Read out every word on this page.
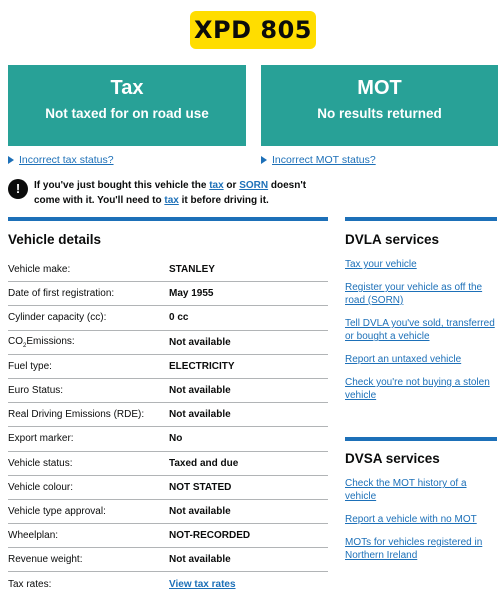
XPD 805
Tax
Not taxed for on road use
MOT
No results returned
Incorrect tax status?	Incorrect MOT status?
!	If you've just bought this vehicle the tax or SORN doesn't come with it. You'll need to tax it before driving it.
Vehicle details
Vehicle make:	STANLEY
Date of first registration:	May 1955
Cylinder capacity (cc):	0 cc
$CO_2Emissions$:	Not available
Fuel type:	ELECTRICITY
Euro Status:	Not available
Real Driving Emissions (RDE):	Not available
Export marker:	No
Vehicle status:	Taxed and due
Vehicle colour:	NOT STATED
Vehicle type approval:	Not available
Wheelplan:	NOT-RECORDED
Revenue weight:	Not available
Tax rates:	View tax rates
DVLA services
Tax your vehicle
Register your vehicle as off the road (SORN)
Tell DVLA you've sold, transferred or bought a vehicle
Report an untaxed vehicle
Check you're not buying a stolen vehicle
DVSA services
Check the MOT history of a vehicle
Report a vehicle with no MOT
MOTs for vehicles registered in Northern Ireland
